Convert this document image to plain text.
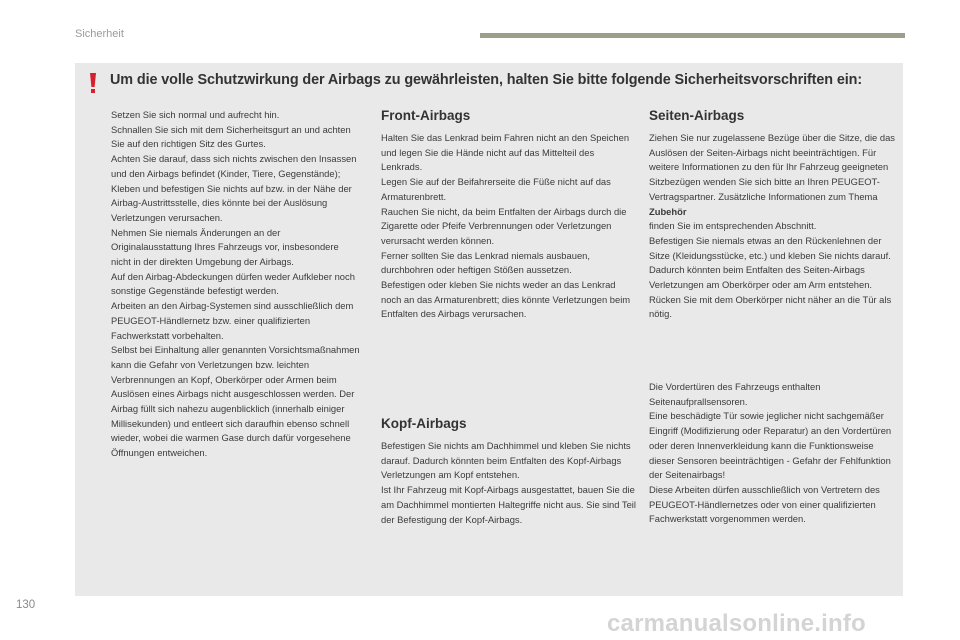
Sicherheit
Um die volle Schutzwirkung der Airbags zu gewährleisten, halten Sie bitte folgende Sicherheitsvorschriften ein:

Setzen Sie sich normal und aufrecht hin.
Schnallen Sie sich mit dem Sicherheitsgurt an und achten Sie auf den richtigen Sitz des Gurtes.
Achten Sie darauf, dass sich nichts zwischen den Insassen und den Airbags befindet (Kinder, Tiere, Gegenstände); Kleben und befestigen Sie nichts auf bzw. in der Nähe der Airbag-Austrittsstelle, dies könnte bei der Auslösung Verletzungen verursachen.
Nehmen Sie niemals Änderungen an der Originalausstattung Ihres Fahrzeugs vor, insbesondere nicht in der direkten Umgebung der Airbags.
Auf den Airbag-Abdeckungen dürfen weder Aufkleber noch sonstige Gegenstände befestigt werden.
Arbeiten an den Airbag-Systemen sind ausschließlich dem PEUGEOT-Händlernetz bzw. einer qualifizierten Fachwerkstatt vorbehalten.
Selbst bei Einhaltung aller genannten Vorsichtsmaßnahmen kann die Gefahr von Verletzungen bzw. leichten Verbrennungen an Kopf, Oberkörper oder Armen beim Auslösen eines Airbags nicht ausgeschlossen werden. Der Airbag füllt sich nahezu augenblicklich (innerhalb einiger Millisekunden) und entleert sich daraufhin ebenso schnell wieder, wobei die warmen Gase durch dafür vorgesehene Öffnungen entweichen.

Front-Airbags

Halten Sie das Lenkrad beim Fahren nicht an den Speichen und legen Sie die Hände nicht auf das Mittelteil des Lenkrads.
Legen Sie auf der Beifahrerseite die Füße nicht auf das Armaturenbrett.
Rauchen Sie nicht, da beim Entfalten der Airbags durch die Zigarette oder Pfeife Verbrennungen oder Verletzungen verursacht werden können.
Ferner sollten Sie das Lenkrad niemals ausbauen, durchbohren oder heftigen Stößen aussetzen.
Befestigen oder kleben Sie nichts weder an das Lenkrad noch an das Armaturenbrett; dies könnte Verletzungen beim Entfalten des Airbags verursachen.

Kopf-Airbags

Befestigen Sie nichts am Dachhimmel und kleben Sie nichts darauf. Dadurch könnten beim Entfalten des Kopf-Airbags Verletzungen am Kopf entstehen.
Ist Ihr Fahrzeug mit Kopf-Airbags ausgestattet, bauen Sie die am Dachhimmel montierten Haltegriffe nicht aus. Sie sind Teil der Befestigung der Kopf-Airbags.

Seiten-Airbags

Ziehen Sie nur zugelassene Bezüge über die Sitze, die das Auslösen der Seiten-Airbags nicht beeinträchtigen. Für weitere Informationen zu den für Ihr Fahrzeug geeigneten Sitzbezügen wenden Sie sich bitte an Ihren PEUGEOT-Vertragspartner. Zusätzliche Informationen zum Thema Zubehör
finden Sie im entsprechenden Abschnitt.
Befestigen Sie niemals etwas an den Rückenlehnen der Sitze (Kleidungsstücke, etc.) und kleben Sie nichts darauf. Dadurch könnten beim Entfalten des Seiten-Airbags Verletzungen am Oberkörper oder am Arm entstehen.
Rücken Sie mit dem Oberkörper nicht näher an die Tür als nötig.

Die Vordertüren des Fahrzeugs enthalten Seitenaufprallsensoren.
Eine beschädigte Tür sowie jeglicher nicht sachgemäßer Eingriff (Modifizierung oder Reparatur) an den Vordertüren oder deren Innenverkleidung kann die Funktionsweise dieser Sensoren beeinträchtigen - Gefahr der Fehlfunktion der Seitenairbags!
Diese Arbeiten dürfen ausschließlich von Vertretern des PEUGEOT-Händlernetzes oder von einer qualifizierten Fachwerkstatt vorgenommen werden.

130
carmanualsonline.info
